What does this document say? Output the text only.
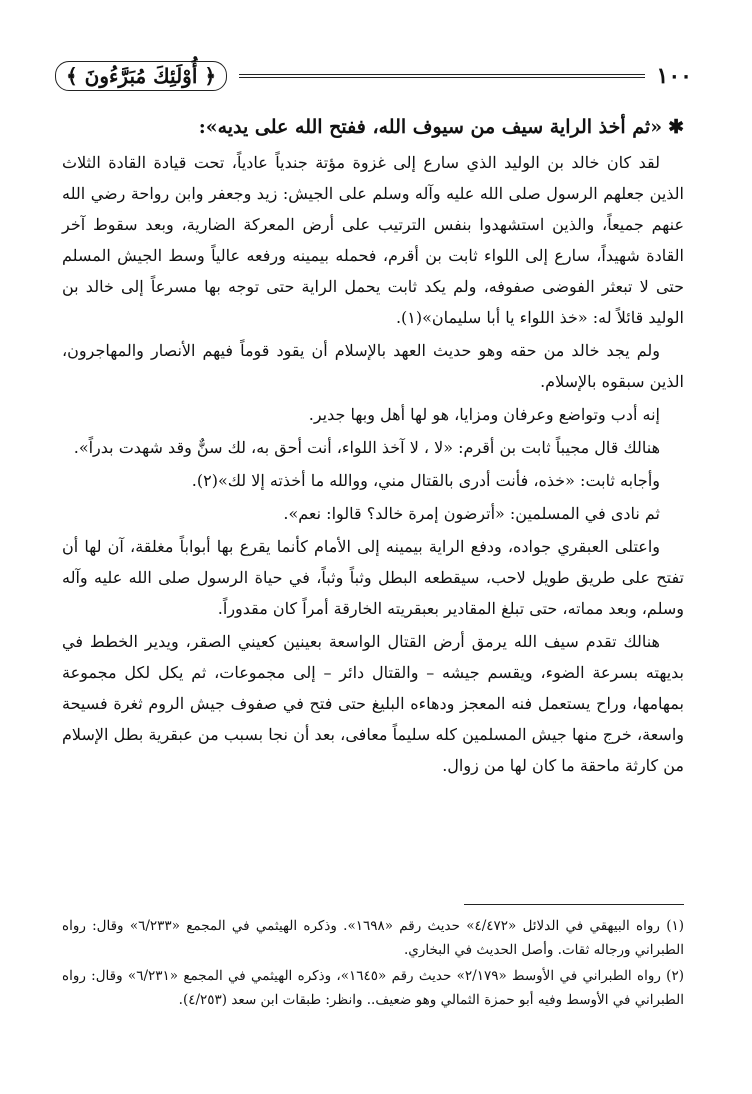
١٠٠
﴿ أُوْلَئِكَ مُبَرَّءُونَ ﴾
✱«ثم أخذ الراية سيف من سيوف الله، ففتح الله على يديه»:

لقد كان خالد بن الوليد الذي سارع إلى غزوة مؤتة جندياً عادياً، تحت قيادة القادة الثلاث الذين جعلهم الرسول صلى الله عليه وآله وسلم على الجيش: زيد وجعفر وابن رواحة رضي الله عنهم جميعاً، والذين استشهدوا بنفس الترتيب على أرض المعركة الضارية، وبعد سقوط آخر القادة شهيداً، سارع إلى اللواء ثابت بن أقرم، فحمله بيمينه ورفعه عالياً وسط الجيش المسلم حتى لا تبعثر الفوضى صفوفه، ولم يكد ثابت يحمل الراية حتى توجه بها مسرعاً إلى خالد بن الوليد قائلاً له: «خذ اللواء يا أبا سليمان»(١).

ولم يجد خالد من حقه وهو حديث العهد بالإسلام أن يقود قوماً فيهم الأنصار والمهاجرون، الذين سبقوه بالإسلام.

إنه أدب وتواضع وعرفان ومزايا، هو لها أهل وبها جدير.

هنالك قال مجيباً ثابت بن أقرم: «لا ، لا آخذ اللواء، أنت أحق به، لك سنٌّ وقد شهدت بدراً».

وأجابه ثابت: «خذه، فأنت أدرى بالقتال مني، ووالله ما أخذته إلا لك»(٢).

ثم نادى في المسلمين: «أترضون إمرة خالد؟ قالوا: نعم».

واعتلى العبقري جواده، ودفع الراية بيمينه إلى الأمام كأنما يقرع بها أبواباً مغلقة، آن لها أن تفتح على طريق طويل لاحب، سيقطعه البطل وثباً وثباً، في حياة الرسول صلى الله عليه وآله وسلم، وبعد مماته، حتى تبلغ المقادير بعبقريته الخارقة أمراً كان مقدوراً.

هنالك تقدم سيف الله يرمق أرض القتال الواسعة بعينين كعيني الصقر، ويدير الخطط في بديهته بسرعة الضوء، ويقسم جيشه – والقتال دائر – إلى مجموعات، ثم يكل لكل مجموعة بمهامها، وراح يستعمل فنه المعجز ودهاءه البليغ حتى فتح في صفوف جيش الروم ثغرة فسيحة واسعة، خرج منها جيش المسلمين كله سليماً معافى، بعد أن نجا بسبب من عبقرية بطل الإسلام من كارثة ماحقة ما كان لها من زوال.

(١) رواه البيهقي في الدلائل «٤/٤٧٢» حديث رقم «١٦٩٨». وذكره الهيثمي في المجمع «٦/٢٣٣» وقال: رواه الطبراني ورجاله ثقات. وأصل الحديث في البخاري.

(٢) رواه الطبراني في الأوسط «٢/١٧٩» حديث رقم «١٦٤٥»، وذكره الهيثمي في المجمع «٦/٢٣١» وقال: رواه الطبراني في الأوسط وفيه أبو حمزة الثمالي وهو ضعيف.. وانظر: طبقات ابن سعد (٤/٢٥٣).
